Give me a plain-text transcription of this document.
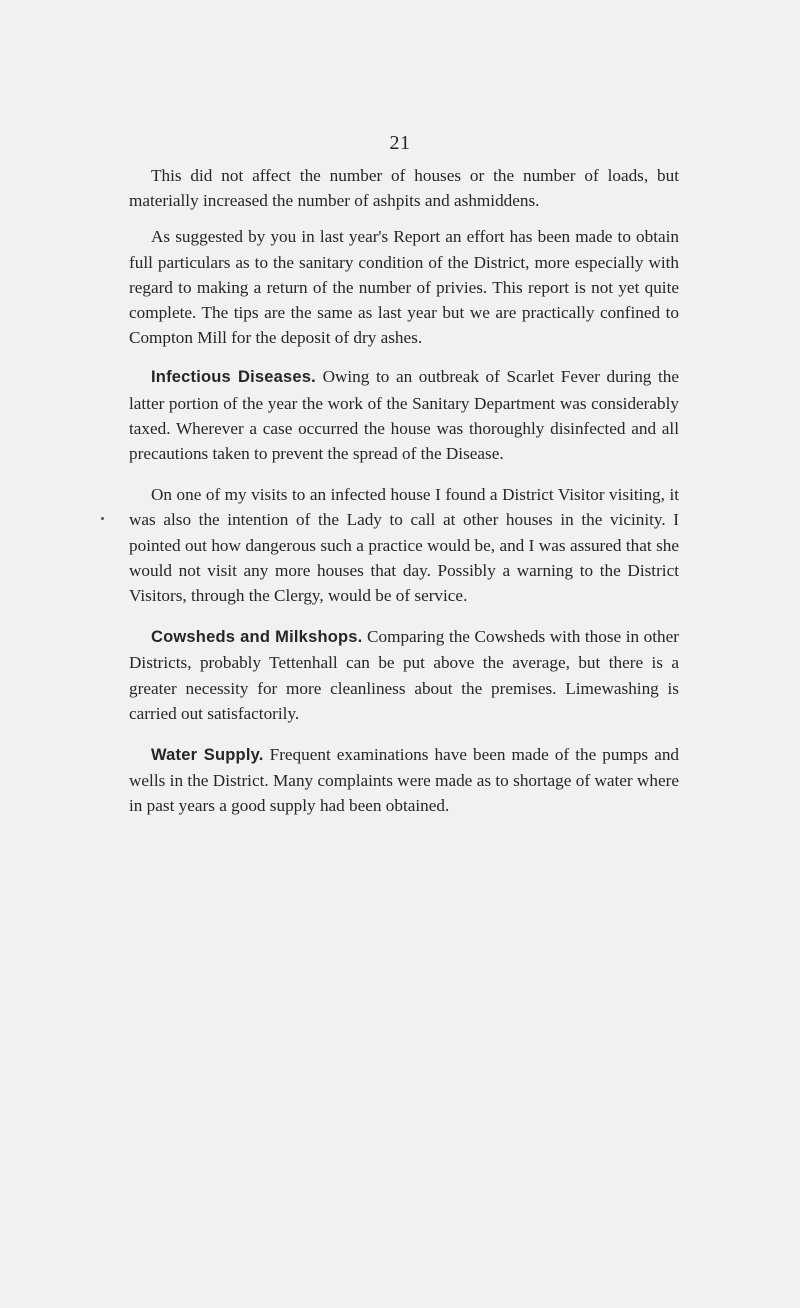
21

This did not affect the number of houses or the number of loads, but materially increased the number of ashpits and ashmiddens.

As suggested by you in last year's Report an effort has been made to obtain full particulars as to the sanitary condition of the District, more especially with regard to making a return of the number of privies. This report is not yet quite complete. The tips are the same as last year but we are practically confined to Compton Mill for the deposit of dry ashes.

Infectious Diseases. Owing to an outbreak of Scarlet Fever during the latter portion of the year the work of the Sanitary Department was considerably taxed. Wherever a case occurred the house was thoroughly disinfected and all precautions taken to prevent the spread of the Disease.

On one of my visits to an infected house I found a District Visitor visiting, it was also the intention of the Lady to call at other houses in the vicinity. I pointed out how dangerous such a practice would be, and I was assured that she would not visit any more houses that day. Possibly a warning to the District Visitors, through the Clergy, would be of service.

Cowsheds and Milkshops. Comparing the Cowsheds with those in other Districts, probably Tettenhall can be put above the average, but there is a greater necessity for more cleanliness about the premises. Limewashing is carried out satisfactorily.

Water Supply. Frequent examinations have been made of the pumps and wells in the District. Many complaints were made as to shortage of water where in past years a good supply had been obtained.
